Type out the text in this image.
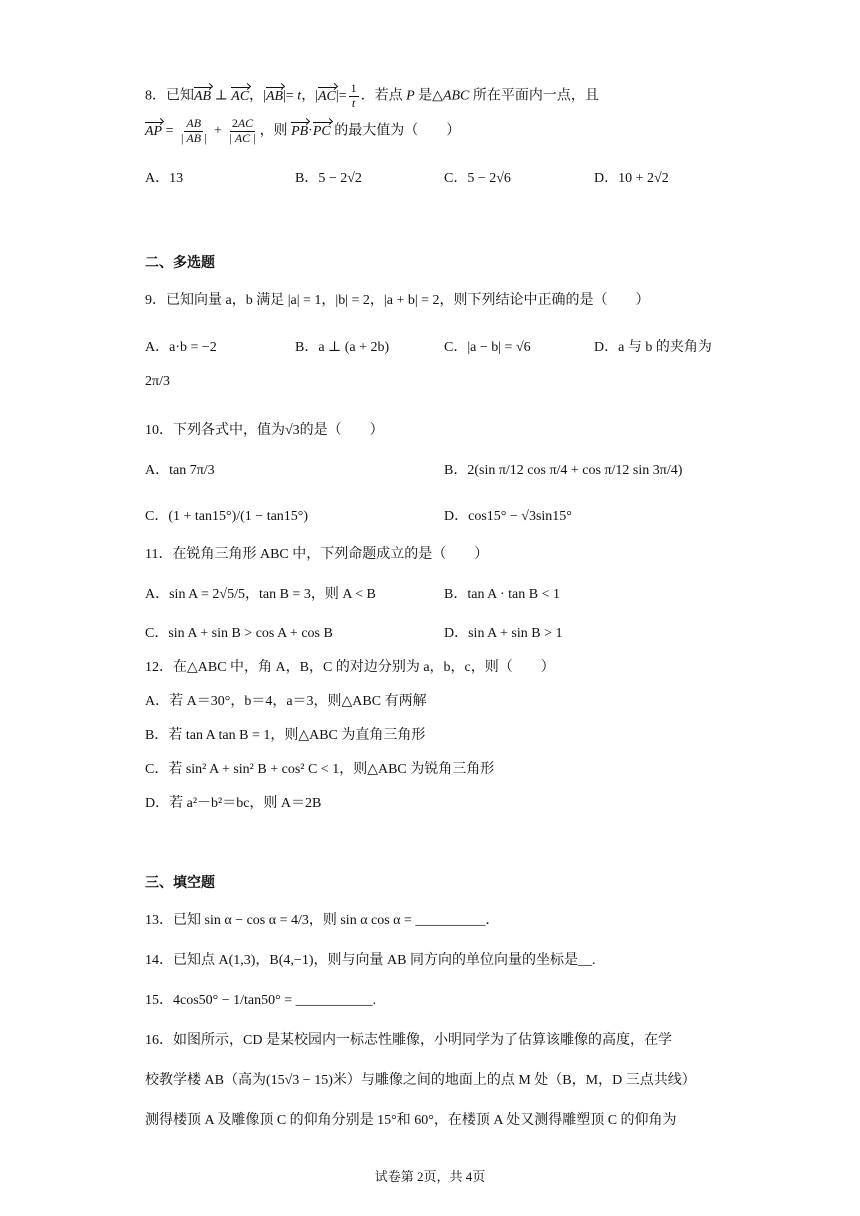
8．已知AB ⊥ AC，|AB|= t，$|AC|= \frac{1}{t}$ ．若点 P 是△ABC 所在平面内一点，且
AP = $\frac{AB}{| AB |} + \frac{2AC}{| AC |}$ ，则 PB·PC 的最大值为（　　）
A．13	B．5 − 2√2	C．5 − 2√6	D．10 + 2√2
二、多选题
9．已知向量 a，b 满足 |a| = 1，|b| = 2，|a + b| = 2，则下列结论中正确的是（　　）
A．a·b = −2	B．a ⊥ (a + 2b)	C．|a − b| = √6	D．a 与 b 的夹角为
2π/3
10．下列各式中，值为√3的是（　　）
A．tan 7π/3	B．2(sin π/12 cos π/4 + cos π/12 sin 3π/4)
C．(1 + tan15°)/(1 − tan15°)	D．cos15° − √3sin15°
11．在锐角三角形 ABC 中，下列命题成立的是（　　）
A．sin A = 2√5/5，tan B = 3，则 A < B	B．tan A · tan B < 1
C．sin A + sin B > cos A + cos B	D．sin A + sin B > 1
12．在△ABC 中，角 A，B，C 的对边分别为 a，b，c，则（　　）
A．若 A＝30°，b＝4，a＝3，则△ABC 有两解
B．若 tan A tan B = 1，则△ABC 为直角三角形
C．若 sin² A + sin² B + cos² C < 1，则△ABC 为锐角三角形
D．若 a²－b²＝bc，则 A＝2B
三、填空题
13．已知 sin α − cos α = 4/3，则 sin α cos α = __________．
14．已知点 A(1,3)，B(4,−1)，则与向量 AB 同方向的单位向量的坐标是__.
15．4cos50° − 1/tan50° = ___________.
16．如图所示，CD 是某校园内一标志性雕像，小明同学为了估算该雕像的高度，在学
校教学楼 AB（高为(15√3 − 15)米）与雕像之间的地面上的点 M 处（B，M，D 三点共线）
测得楼顶 A 及雕像顶 C 的仰角分别是 15°和 60°，在楼顶 A 处又测得雕塑顶 C 的仰角为
试卷第 2页，共 4页
